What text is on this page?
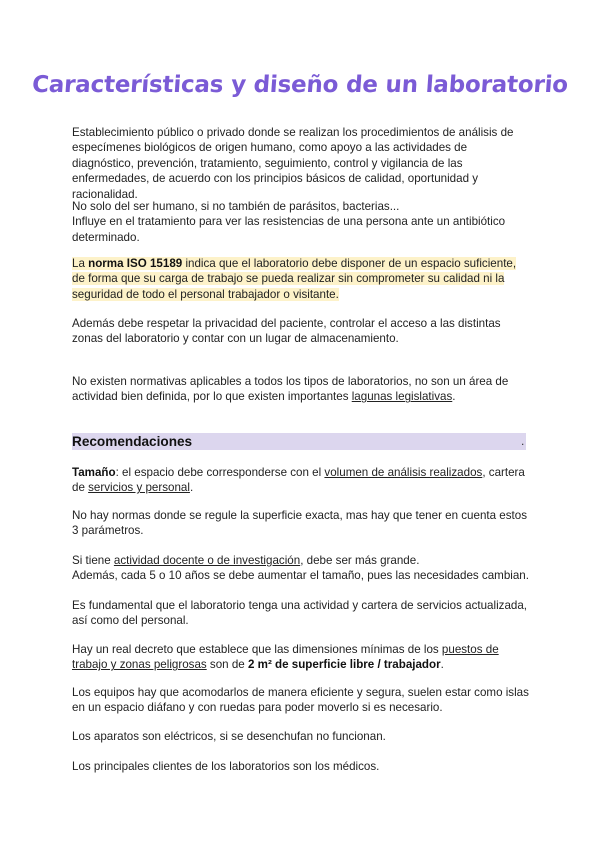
Características y diseño de un laboratorio

Establecimiento público o privado donde se realizan los procedimientos de análisis de especímenes biológicos de origen humano, como apoyo a las actividades de diagnóstico, prevención, tratamiento, seguimiento, control y vigilancia de las enfermedades, de acuerdo con los principios básicos de calidad, oportunidad y racionalidad.

No solo del ser humano, si no también de parásitos, bacterias...
Influye en el tratamiento para ver las resistencias de una persona ante un antibiótico determinado.

La norma ISO 15189 indica que el laboratorio debe disponer de un espacio suficiente, de forma que su carga de trabajo se pueda realizar sin comprometer su calidad ni la seguridad de todo el personal trabajador o visitante.

Además debe respetar la privacidad del paciente, controlar el acceso a las distintas zonas del laboratorio y contar con un lugar de almacenamiento.

No existen normativas aplicables a todos los tipos de laboratorios, no son un área de actividad bien definida, por lo que existen importantes lagunas legislativas.

Recomendaciones	.

Tamaño: el espacio debe corresponderse con el volumen de análisis realizados, cartera de servicios y personal.

No hay normas donde se regule la superficie exacta, mas hay que tener en cuenta estos 3 parámetros.

Si tiene actividad docente o de investigación, debe ser más grande.
Además, cada 5 o 10 años se debe aumentar el tamaño, pues las necesidades cambian.

Es fundamental que el laboratorio tenga una actividad y cartera de servicios actualizada, así como del personal.

Hay un real decreto que establece que las dimensiones mínimas de los puestos de trabajo y zonas peligrosas son de 2 m² de superficie libre / trabajador.

Los equipos hay que acomodarlos de manera eficiente y segura, suelen estar como islas en un espacio diáfano y con ruedas para poder moverlo si es necesario.

Los aparatos son eléctricos, si se desenchufan no funcionan.

Los principales clientes de los laboratorios son los médicos.
